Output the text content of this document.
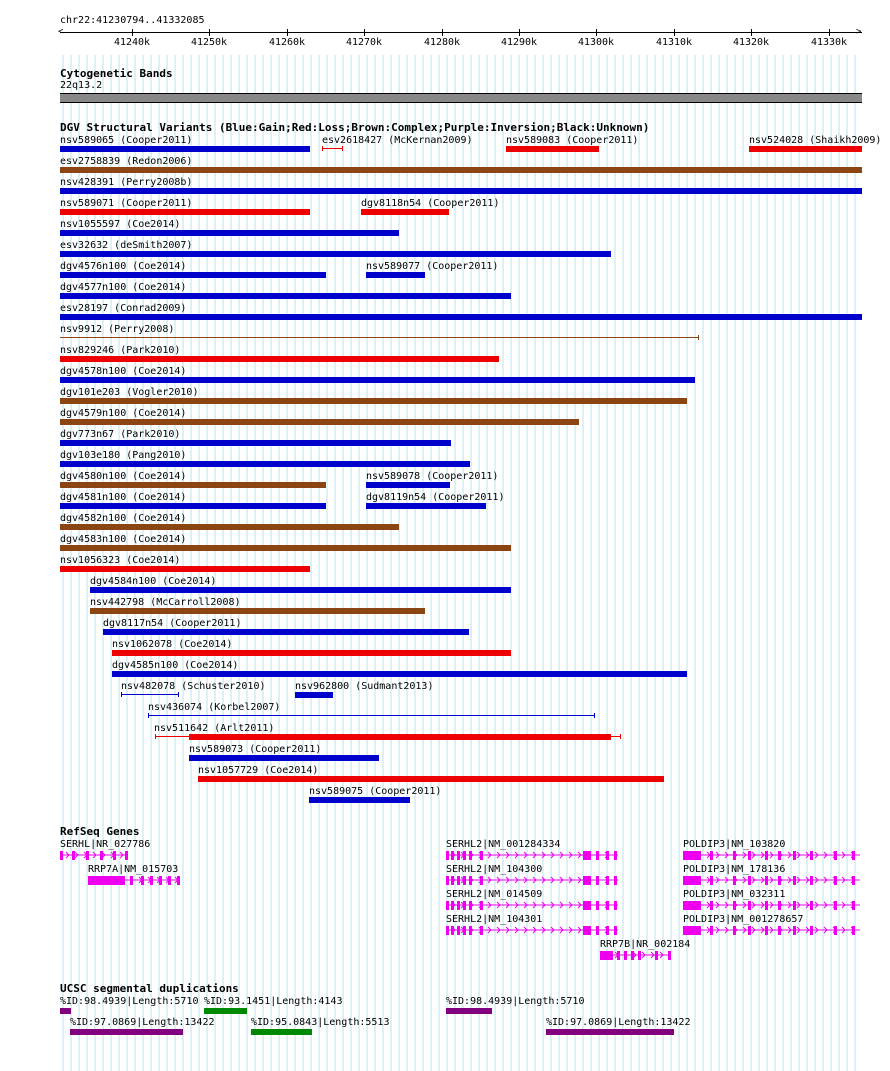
chr22:41230794..41332085
<	>
41240k	41250k	41260k	41270k	41280k	41290k	41300k	41310k	41320k	41330k
Cytogenetic Bands
22q13.2
DGV Structural Variants (Blue:Gain;Red:Loss;Brown:Complex;Purple:Inversion;Black:Unknown)
nsv589065 (Cooper2011)	esv2618427 (McKernan2009)	nsv589083 (Cooper2011)	nsv524028 (Shaikh2009)
esv2758839 (Redon2006)
nsv428391 (Perry2008b)
nsv589071 (Cooper2011)	dgv8118n54 (Cooper2011)
nsv1055597 (Coe2014)
esv32632 (deSmith2007)
dgv4576n100 (Coe2014)	nsv589077 (Cooper2011)
dgv4577n100 (Coe2014)
esv28197 (Conrad2009)
nsv9912 (Perry2008)
nsv829246 (Park2010)
dgv4578n100 (Coe2014)
dgv101e203 (Vogler2010)
dgv4579n100 (Coe2014)
dgv773n67 (Park2010)
dgv103e180 (Pang2010)
dgv4580n100 (Coe2014)	nsv589078 (Cooper2011)
dgv4581n100 (Coe2014)	dgv8119n54 (Cooper2011)
dgv4582n100 (Coe2014)
dgv4583n100 (Coe2014)
nsv1056323 (Coe2014)
dgv4584n100 (Coe2014)
nsv442798 (McCarroll2008)
dgv8117n54 (Cooper2011)
nsv1062078 (Coe2014)
dgv4585n100 (Coe2014)
nsv482078 (Schuster2010)	nsv962800 (Sudmant2013)
nsv436074 (Korbel2007)
nsv511642 (Arlt2011)
nsv589073 (Cooper2011)
nsv1057729 (Coe2014)
nsv589075 (Cooper2011)
RefSeq Genes
SERHL|NR_027786
RRP7A|NM_015703
SERHL2|NM_001284334
SERHL2|NM_104300
SERHL2|NM_014509
SERHL2|NM_104301
RRP7B|NR_002184
POLDIP3|NM_103820
POLDIP3|NM_178136
POLDIP3|NM_032311
POLDIP3|NM_001278657
UCSC segmental duplications
%ID:98.4939|Length:5710 %ID:93.1451|Length:4143	%ID:98.4939|Length:5710
%ID:97.0869|Length:13422	%ID:95.0843|Length:5513	%ID:97.0869|Length:13422
